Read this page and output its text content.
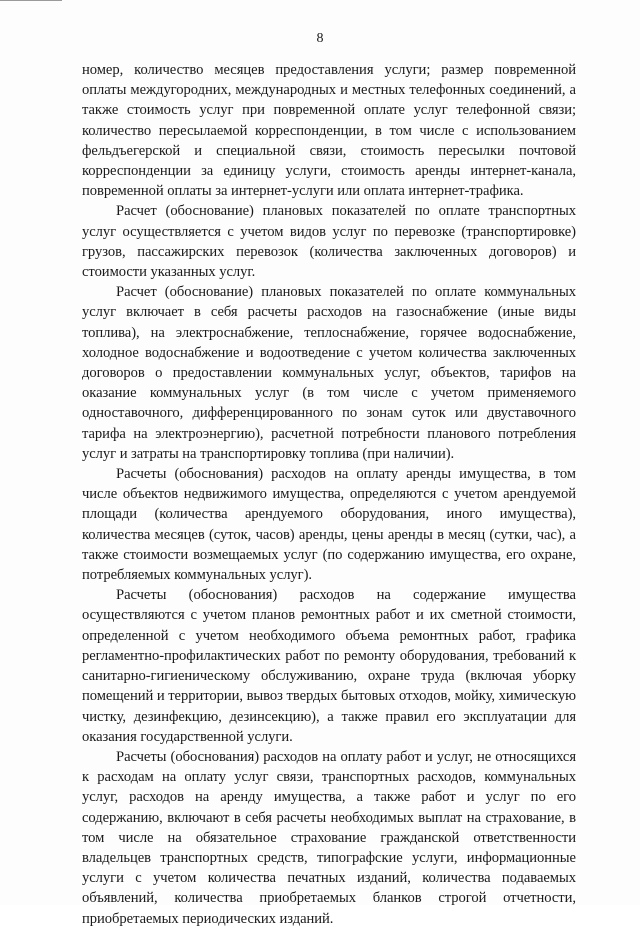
8

номер, количество месяцев предоставления услуги; размер повременной оплаты междугородних, международных и местных телефонных соединений, а также стоимость услуг при повременной оплате услуг телефонной связи; количество пересылаемой корреспонденции, в том числе с использованием фельдъегерской и специальной связи, стоимость пересылки почтовой корреспонденции за единицу услуги, стоимость аренды интернет-канала, повременной оплаты за интернет-услуги или оплата интернет-трафика.

Расчет (обоснование) плановых показателей по оплате транспортных услуг осуществляется с учетом видов услуг по перевозке (транспортировке) грузов, пассажирских перевозок (количества заключенных договоров) и стоимости указанных услуг.

Расчет (обоснование) плановых показателей по оплате коммунальных услуг включает в себя расчеты расходов на газоснабжение (иные виды топлива), на электроснабжение, теплоснабжение, горячее водоснабжение, холодное водоснабжение и водоотведение с учетом количества заключенных договоров о предоставлении коммунальных услуг, объектов, тарифов на оказание коммунальных услуг (в том числе с учетом применяемого одноставочного, дифференцированного по зонам суток или двуставочного тарифа на электроэнергию), расчетной потребности планового потребления услуг и затраты на транспортировку топлива (при наличии).

Расчеты (обоснования) расходов на оплату аренды имущества, в том числе объектов недвижимого имущества, определяются с учетом арендуемой площади (количества арендуемого оборудования, иного имущества), количества месяцев (суток, часов) аренды, цены аренды в месяц (сутки, час), а также стоимости возмещаемых услуг (по содержанию имущества, его охране, потребляемых коммунальных услуг).

Расчеты (обоснования) расходов на содержание имущества осуществляются с учетом планов ремонтных работ и их сметной стоимости, определенной с учетом необходимого объема ремонтных работ, графика регламентно-профилактических работ по ремонту оборудования, требований к санитарно-гигиеническому обслуживанию, охране труда (включая уборку помещений и территории, вывоз твердых бытовых отходов, мойку, химическую чистку, дезинфекцию, дезинсекцию), а также правил его эксплуатации для оказания государственной услуги.

Расчеты (обоснования) расходов на оплату работ и услуг, не относящихся к расходам на оплату услуг связи, транспортных расходов, коммунальных услуг, расходов на аренду имущества, а также работ и услуг по его содержанию, включают в себя расчеты необходимых выплат на страхование, в том числе на обязательное страхование гражданской ответственности владельцев транспортных средств, типографские услуги, информационные услуги с учетом количества печатных изданий, количества подаваемых объявлений, количества приобретаемых бланков строгой отчетности, приобретаемых периодических изданий.
